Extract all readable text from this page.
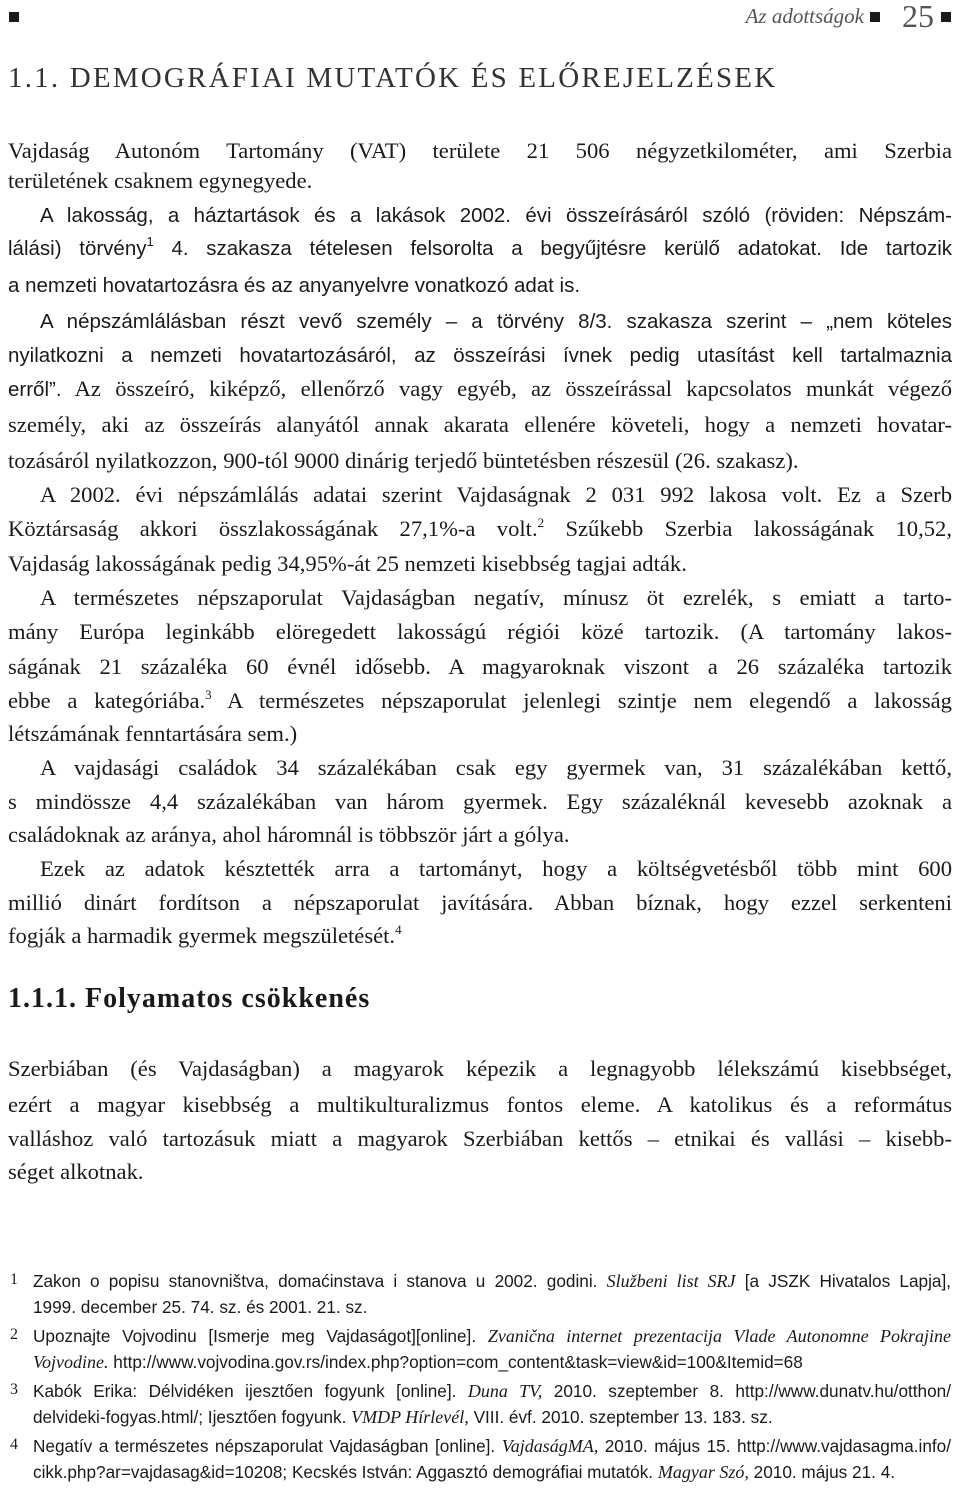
Az adottságok 25
1.1. DEMOGRÁFIAI MUTATÓK ÉS ELŐREJELZÉSEK
Vajdaság Autonóm Tartomány (VAT) területe 21 506 négyzetkilométer, ami Szerbia
területének csaknem egynegyede.
A lakosság, a háztartások és a lakások 2002. évi összeírásáról szóló (röviden: Népszám-
lálási) törvény$^1$ 4. szakasza tételesen felsorolta a begyűjtésre kerülő adatokat. Ide tartozik
a nemzeti hovatartozásra és az anyanyelvre vonatkozó adat is.
A népszámlálásban részt vevő személy – a törvény 8/3. szakasza szerint – „nem köteles
nyilatkozni a nemzeti hovatartozásáról, az összeírási ívnek pedig utasítást kell tartalmaznia
erről”. Az összeíró, kiképző, ellenőrző vagy egyéb, az összeírással kapcsolatos munkát végező
személy, aki az összeírás alanyától annak akarata ellenére követeli, hogy a nemzeti hovatar-
tozásáról nyilatkozzon, 900-tól 9000 dinárig terjedő büntetésben részesül (26. szakasz).
A 2002. évi népszámlálás adatai szerint Vajdaságnak 2 031 992 lakosa volt. Ez a Szerb
Köztársaság akkori összlakosságának 27,1%-a volt.$^2$ Szűkebb Szerbia lakosságának 10,52,
Vajdaság lakosságának pedig 34,95%-át 25 nemzeti kisebbség tagjai adták.
A természetes népszaporulat Vajdaságban negatív, mínusz öt ezrelék, s emiatt a tarto-
mány Európa leginkább elöregedett lakosságú régiói közé tartozik. (A tartomány lakos-
ságának 21 százaléka 60 évnél idősebb. A magyaroknak viszont a 26 százaléka tartozik
ebbe a kategóriába.$^3$ A természetes népszaporulat jelenlegi szintje nem elegendő a lakosság
létszámának fenntartására sem.)
A vajdasági családok 34 százalékában csak egy gyermek van, 31 százalékában kettő,
s mindössze 4,4 százalékában van három gyermek. Egy százaléknál kevesebb azoknak a
családoknak az aránya, ahol háromnál is többször járt a gólya.
Ezek az adatok késztették arra a tartományt, hogy a költségvetésből több mint 600
millió dinárt fordítson a népszaporulat javítására. Abban bíznak, hogy ezzel serkenteni
fogják a harmadik gyermek megszületését.$^4$
1.1.1. Folyamatos csökkenés
Szerbiában (és Vajdaságban) a magyarok képezik a legnagyobb lélekszámú kisebbséget,
ezért a magyar kisebbség a multikulturalizmus fontos eleme. A katolikus és a református
valláshoz való tartozásuk miatt a magyarok Szerbiában kettős – etnikai és vallási – kisebb-
séget alkotnak.
1 Zakon o popisu stanovništva, domaćinstava i stanova u 2002. godini. Službeni list SRJ [a JSZK Hivatalos Lapja],
1999. december 25. 74. sz. és 2001. 21. sz.
2 Upoznajte Vojvodinu [Ismerje meg Vajdaságot][online]. Zvanična internet prezentacija Vlade Autonomne Pokrajine
Vojvodine. http://www.vojvodina.gov.rs/index.php?option=com_content&task=view&id=100&Itemid=68
3 Kabók Erika: Délvidéken ijesztően fogyunk [online]. Duna TV, 2010. szeptember 8. http://www.dunatv.hu/otthon/
delvideki-fogyas.html/; Ijesztően fogyunk. VMDP Hírlevél, VIII. évf. 2010. szeptember 13. 183. sz.
4 Negatív a természetes népszaporulat Vajdaságban [online]. VajdaságMA, 2010. május 15. http://www.vajdasagma.info/
cikk.php?ar=vajdasag&id=10208; Kecskés István: Aggasztó demográfiai mutatók. Magyar Szó, 2010. május 21. 4.
